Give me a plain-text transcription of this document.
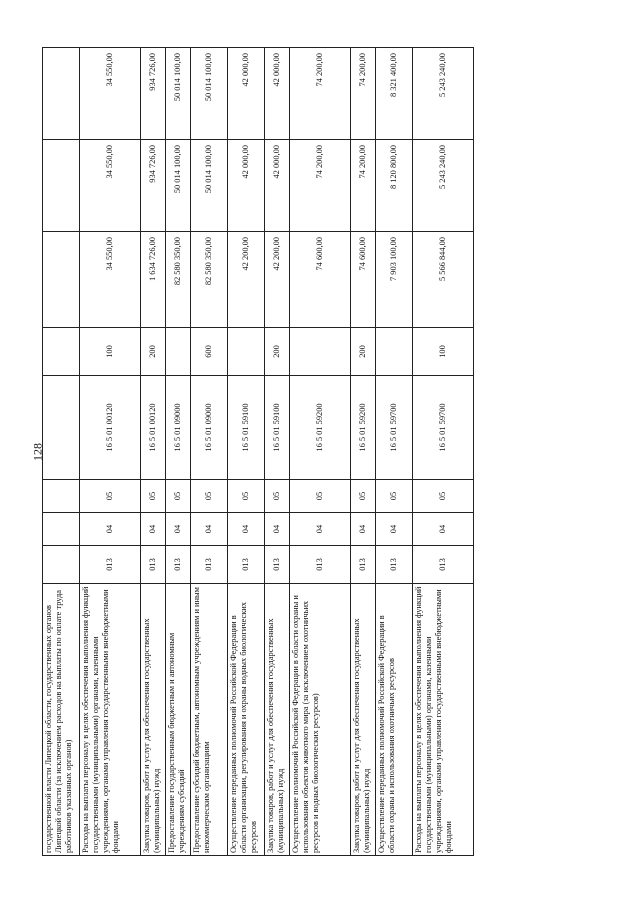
128
государственной власти Липецкой области, государственных органов Липецкой области (за исключением расходов на выплаты по оплате труда работников указанных органов)								
Расходы на выплаты персоналу в целях обеспечения выполнения функций государственными (муниципальными) органами, казенными учреждениями, органами управления государственными внебюджетными фондами	013	04	05	16 5 01 00120	100	34 550,00	34 550,00	34 550,00
Закупка товаров, работ и услуг для обеспечения государственных (муниципальных) нужд	013	04	05	16 5 01 00120	200	1 634 726,00	934 726,00	934 726,00
Предоставление государственным бюджетным и автономным учреждениям субсидий	013	04	05	16 5 01 09000		82 580 350,00	50 014 100,00	50 014 100,00
Предоставление субсидий бюджетным, автономным учреждениям и иным некоммерческим организациям	013	04	05	16 5 01 09000	600	82 580 350,00	50 014 100,00	50 014 100,00
Осуществление переданных полномочий Российской Федерации в области организации, регулирования и охраны водных биологических ресурсов	013	04	05	16 5 01 59100		42 200,00	42 000,00	42 000,00
Закупка товаров, работ и услуг для обеспечения государственных (муниципальных) нужд	013	04	05	16 5 01 59100	200	42 200,00	42 000,00	42 000,00
Осуществление полномочий Российской Федерации в области охраны и использования объектов животного мира (за исключением охотничьих ресурсов и водных биологических ресурсов)	013	04	05	16 5 01 59200		74 600,00	74 200,00	74 200,00
Закупка товаров, работ и услуг для обеспечения государственных (муниципальных) нужд	013	04	05	16 5 01 59200	200	74 600,00	74 200,00	74 200,00
Осуществление переданных полномочий Российской Федерации в области охраны и использования охотничьих ресурсов	013	04	05	16 5 01 59700		7 903 100,00	8 120 800,00	8 321 400,00
Расходы на выплаты персоналу в целях обеспечения выполнения функций государственными (муниципальными) органами, казенными учреждениями, органами управления государственными внебюджетными фондами	013	04	05	16 5 01 59700	100	5 566 844,00	5 243 240,00	5 243 240,00
